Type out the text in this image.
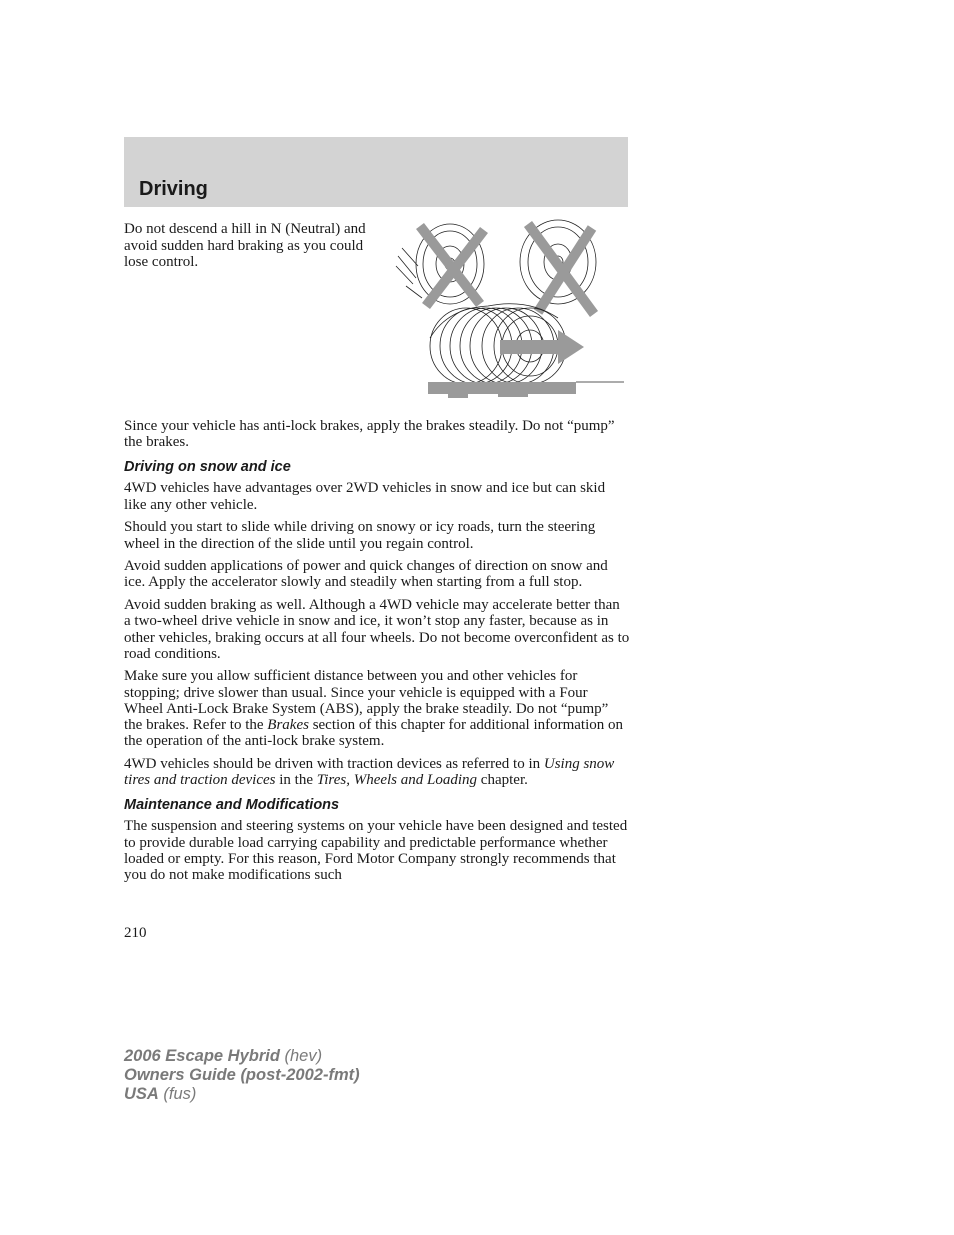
Driving

Do not descend a hill in N (Neutral) and avoid sudden hard braking as you could lose control.

Since your vehicle has anti-lock brakes, apply the brakes steadily. Do not “pump” the brakes.

Driving on snow and ice

4WD vehicles have advantages over 2WD vehicles in snow and ice but can skid like any other vehicle.

Should you start to slide while driving on snowy or icy roads, turn the steering wheel in the direction of the slide until you regain control.

Avoid sudden applications of power and quick changes of direction on snow and ice. Apply the accelerator slowly and steadily when starting from a full stop.

Avoid sudden braking as well. Although a 4WD vehicle may accelerate better than a two-wheel drive vehicle in snow and ice, it won’t stop any faster, because as in other vehicles, braking occurs at all four wheels. Do not become overconfident as to road conditions.

Make sure you allow sufficient distance between you and other vehicles for stopping; drive slower than usual. Since your vehicle is equipped with a Four Wheel Anti-Lock Brake System (ABS), apply the brake steadily. Do not “pump” the brakes. Refer to the Brakes section of this chapter for additional information on the operation of the anti-lock brake system.

4WD vehicles should be driven with traction devices as referred to in Using snow tires and traction devices in the Tires, Wheels and Loading chapter.

Maintenance and Modifications

The suspension and steering systems on your vehicle have been designed and tested to provide durable load carrying capability and predictable performance whether loaded or empty. For this reason, Ford Motor Company strongly recommends that you do not make modifications such

210
2006 Escape Hybrid (hev)
Owners Guide (post-2002-fmt)
USA (fus)
